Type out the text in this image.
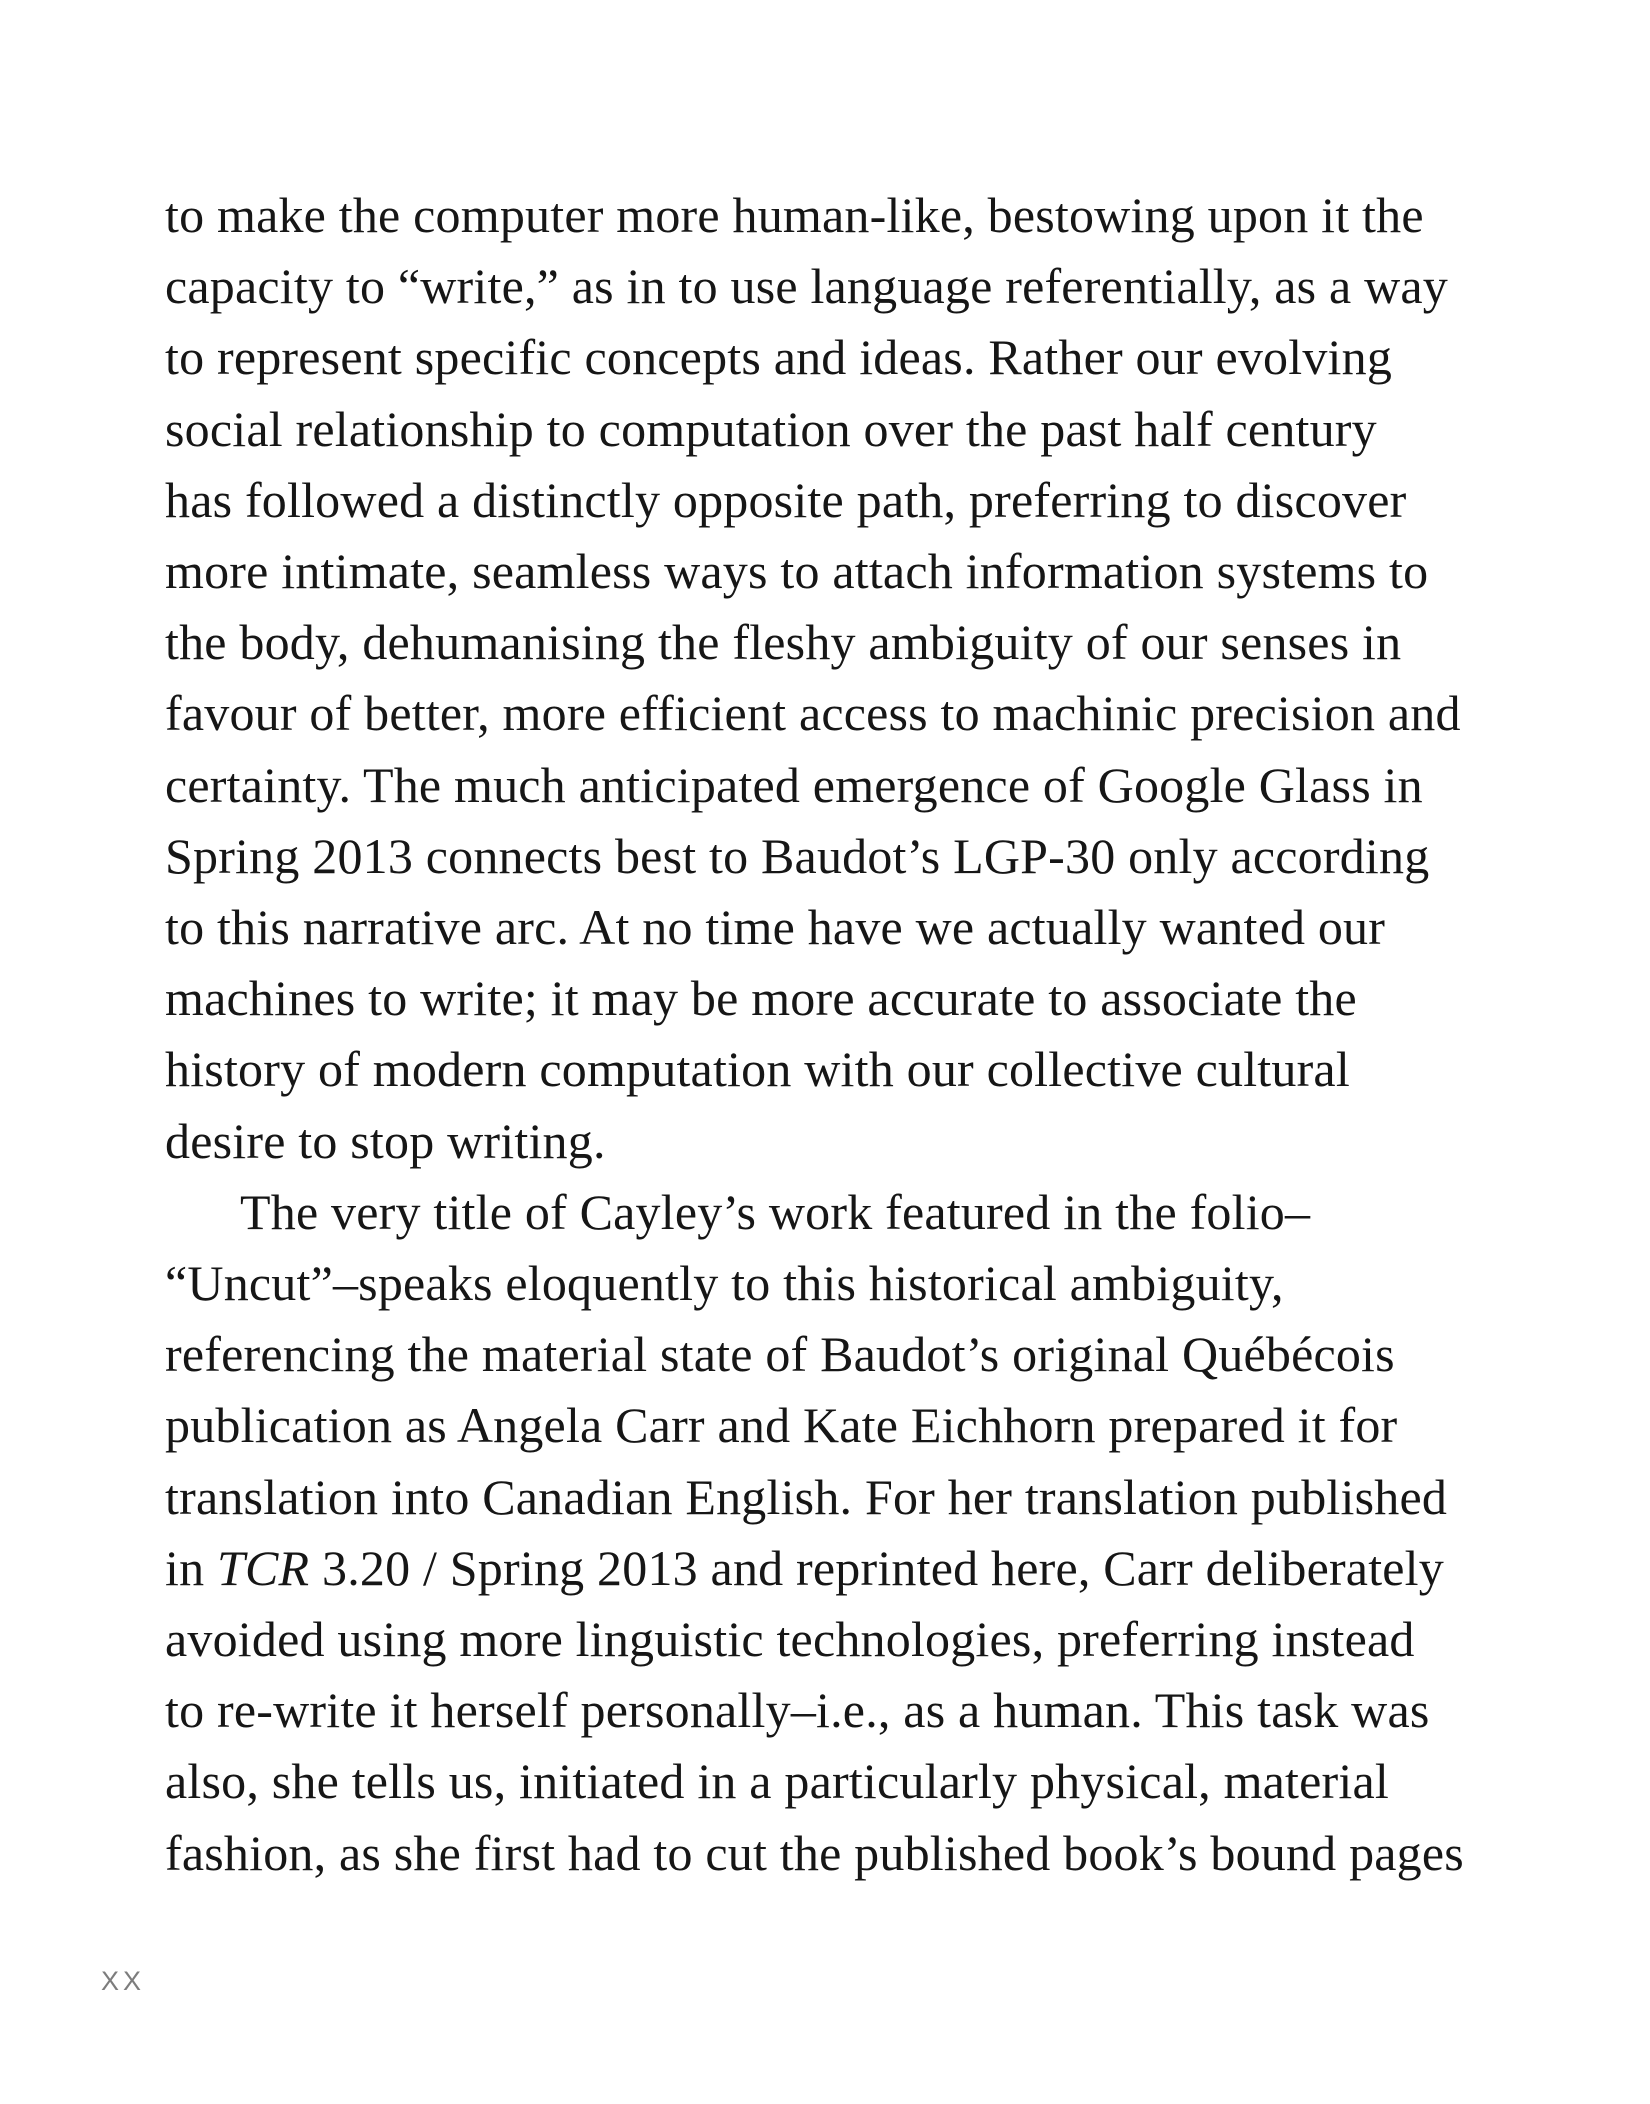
to make the computer more human-like, bestowing upon it the
capacity to “write,” as in to use language referentially, as a way
to represent specific concepts and ideas. Rather our evolving
social relationship to computation over the past half century
has followed a distinctly opposite path, preferring to discover
more intimate, seamless ways to attach information systems to
the body, dehumanising the fleshy ambiguity of our senses in
favour of better, more efficient access to machinic precision and
certainty. The much anticipated emergence of Google Glass in
Spring 2013 connects best to Baudot’s LGP-30 only according
to this narrative arc. At no time have we actually wanted our
machines to write; it may be more accurate to associate the
history of modern computation with our collective cultural
desire to stop writing.
The very title of Cayley’s work featured in the folio–
“Uncut”–speaks eloquently to this historical ambiguity,
referencing the material state of Baudot’s original Québécois
publication as Angela Carr and Kate Eichhorn prepared it for
translation into Canadian English. For her translation published
in TCR 3.20 / Spring 2013 and reprinted here, Carr deliberately
avoided using more linguistic technologies, preferring instead
to re-write it herself personally–i.e., as a human. This task was
also, she tells us, initiated in a particularly physical, material
fashion, as she first had to cut the published book’s bound pages
XX
